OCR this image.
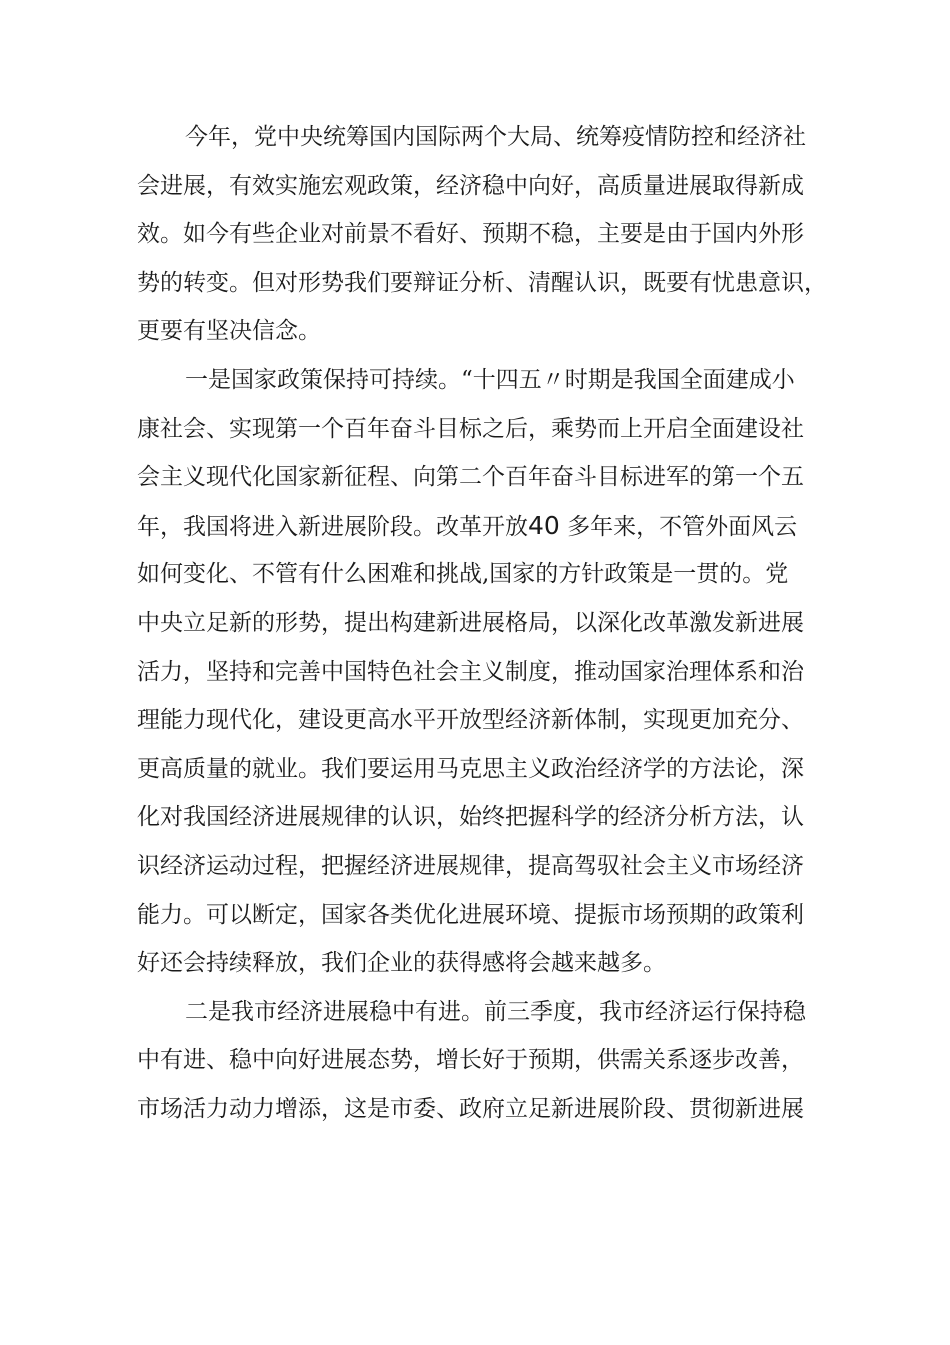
今年，党中央统筹国内国际两个大局、统筹疫情防控和经济社
会进展，有效实施宏观政策，经济稳中向好，高质量进展取得新成
效。如今有些企业对前景不看好、预期不稳，主要是由于国内外形
势的转变。但对形势我们要辩证分析、清醒认识，既要有忧患意识，
更要有坚决信念。
一是国家政策保持可持续。“十四五〃时期是我国全面建成小
康社会、实现第一个百年奋斗目标之后，乘势而上开启全面建设社
会主义现代化国家新征程、向第二个百年奋斗目标进军的第一个五
年，我国将进入新进展阶段。改革开放40 多年来，不管外面风云
如何变化、不管有什么困难和挑战,国家的方针政策是一贯的。党
中央立足新的形势，提出构建新进展格局，以深化改革激发新进展
活力，坚持和完善中国特色社会主义制度，推动国家治理体系和治
理能力现代化，建设更高水平开放型经济新体制，实现更加充分、
更高质量的就业。我们要运用马克思主义政治经济学的方法论，深
化对我国经济进展规律的认识，始终把握科学的经济分析方法，认
识经济运动过程，把握经济进展规律，提高驾驭社会主义市场经济
能力。可以断定，国家各类优化进展环境、提振市场预期的政策利
好还会持续释放，我们企业的获得感将会越来越多。
二是我市经济进展稳中有进。前三季度，我市经济运行保持稳
中有进、稳中向好进展态势，增长好于预期，供需关系逐步改善，
市场活力动力增添，这是市委、政府立足新进展阶段、贯彻新进展
